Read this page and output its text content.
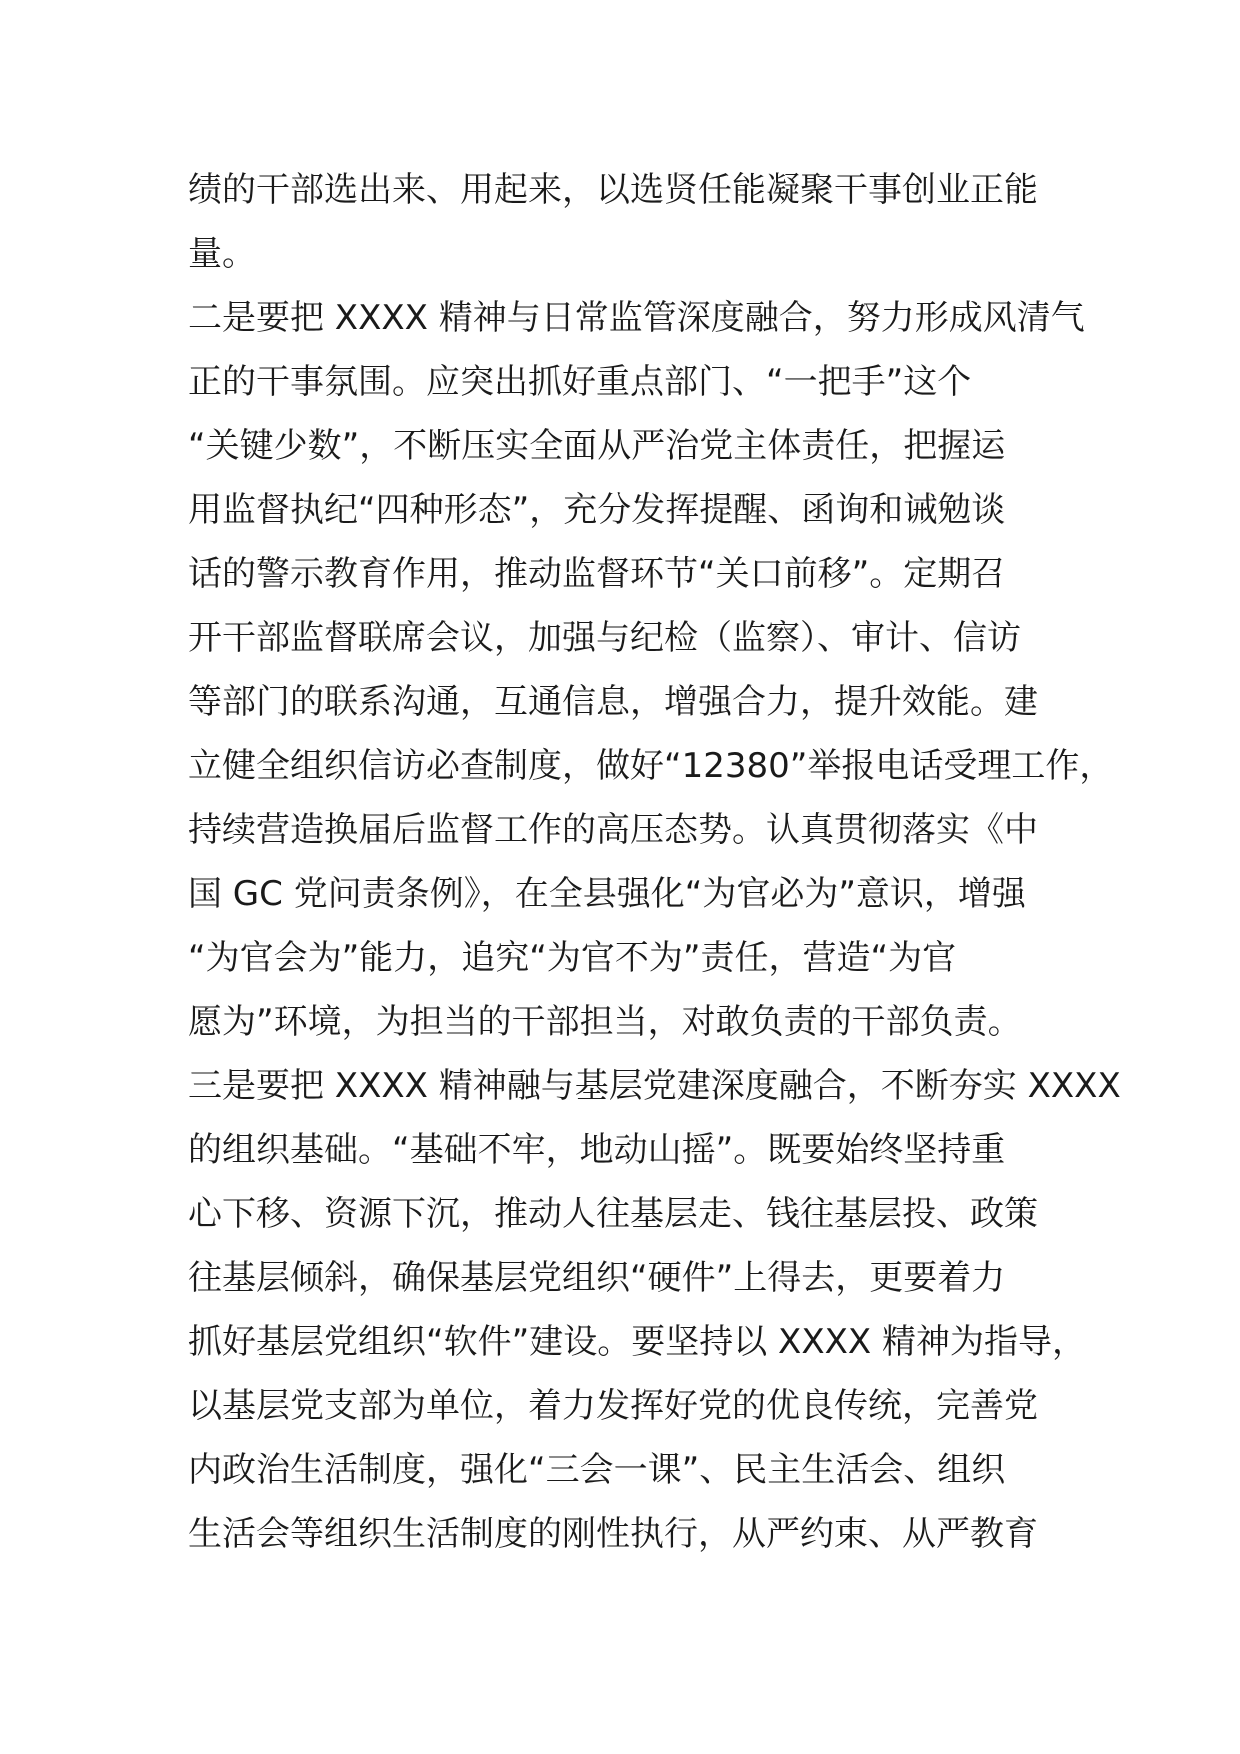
绩的干部选出来、用起来，以选贤任能凝聚干事创业正能
量。
二是要把 XXXX 精神与日常监管深度融合，努力形成风清气
正的干事氛围。应突出抓好重点部门、“一把手”这个
“关键少数”，不断压实全面从严治党主体责任，把握运
用监督执纪“四种形态”，充分发挥提醒、函询和诫勉谈
话的警示教育作用，推动监督环节“关口前移”。定期召
开干部监督联席会议，加强与纪检（监察）、审计、信访
等部门的联系沟通，互通信息，增强合力，提升效能。建
立健全组织信访必查制度，做好“12380”举报电话受理工作，
持续营造换届后监督工作的高压态势。认真贯彻落实《中
国 GC 党问责条例》，在全县强化“为官必为”意识，增强
“为官会为”能力，追究“为官不为”责任，营造“为官
愿为”环境，为担当的干部担当，对敢负责的干部负责。
三是要把 XXXX 精神融与基层党建深度融合，不断夯实 XXXX
的组织基础。“基础不牢，地动山摇”。既要始终坚持重
心下移、资源下沉，推动人往基层走、钱往基层投、政策
往基层倾斜，确保基层党组织“硬件”上得去，更要着力
抓好基层党组织“软件”建设。要坚持以 XXXX 精神为指导，
以基层党支部为单位，着力发挥好党的优良传统，完善党
内政治生活制度，强化“三会一课”、民主生活会、组织
生活会等组织生活制度的刚性执行，从严约束、从严教育
